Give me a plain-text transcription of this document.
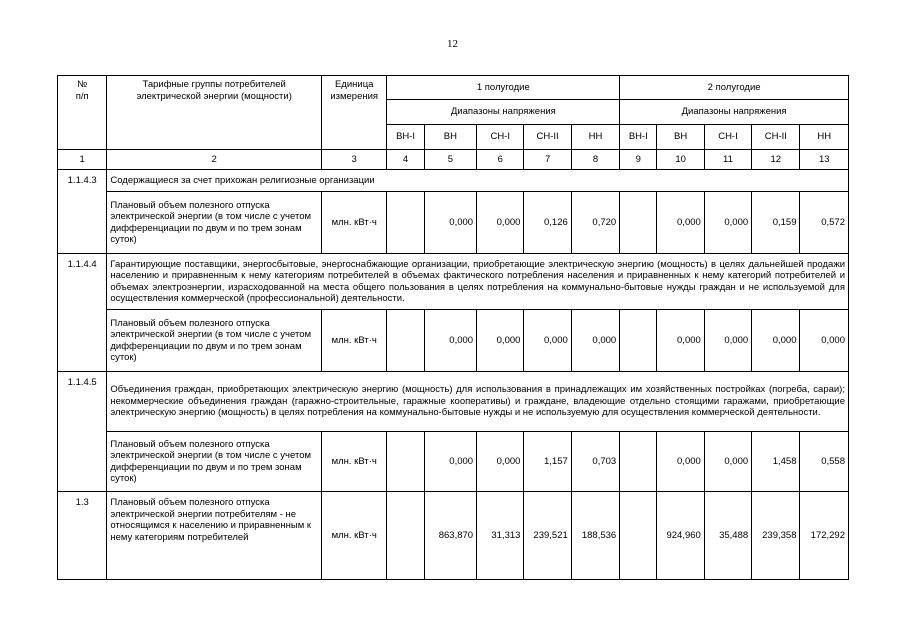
12
№
п/п	Тарифные группы потребителей электрической энергии (мощности)	Единица измерения	1 полугодие					2 полугодие				
			Диапазоны напряжения					Диапазоны напряжения				
			ВН-I	ВН	СН-I	СН-II	НН	ВН-I	ВН	СН-I	СН-II	НН
1	2	3	4	5	6	7	8	9	10	11	12	13
1.1.4.3	Содержащиеся за счет прихожан религиозные организации											
	Плановый объем полезного отпуска электрической энергии (в том числе с учетом дифференциации по двум и по трем зонам суток)	млн. кВт·ч		0,000	0,000	0,126	0,720		0,000	0,000	0,159	0,572
1.1.4.4	Гарантирующие поставщики, энергосбытовые, энергоснабжающие организации, приобретающие электрическую энергию (мощность) в целях дальнейшей продажи населению и приравненным к нему категориям потребителей в объемах фактического потребления населения и приравненных к нему категорий потребителей и объемах электроэнергии, израсходованной на места общего пользования в целях потребления на коммунально-бытовые нужды граждан и не используемой для осуществления коммерческой (профессиональной) деятельности.											
	Плановый объем полезного отпуска электрической энергии (в том числе с учетом дифференциации по двум и по трем зонам суток)	млн. кВт·ч		0,000	0,000	0,000	0,000		0,000	0,000	0,000	0,000
1.1.4.5	Объединения граждан, приобретающих электрическую энергию (мощность) для использования в принадлежащих им хозяйственных постройках (погреба, сараи); некоммерческие объединения граждан (гаражно-строительные, гаражные кооперативы) и граждане, владеющие отдельно стоящими гаражами, приобретающие электрическую энергию (мощность) в целях потребления на коммунально-бытовые нужды и не используемую для осуществления коммерческой деятельности.											
	Плановый объем полезного отпуска электрической энергии (в том числе с учетом дифференциации по двум и по трем зонам суток)	млн. кВт·ч		0,000	0,000	1,157	0,703		0,000	0,000	1,458	0,558
1.3	Плановый объем полезного отпуска электрической энергии потребителям - не относящимся к населению и приравненным к нему категориям потребителей	млн. кВт·ч		863,870	31,313	239,521	188,536		924,960	35,488	239,358	172,292
